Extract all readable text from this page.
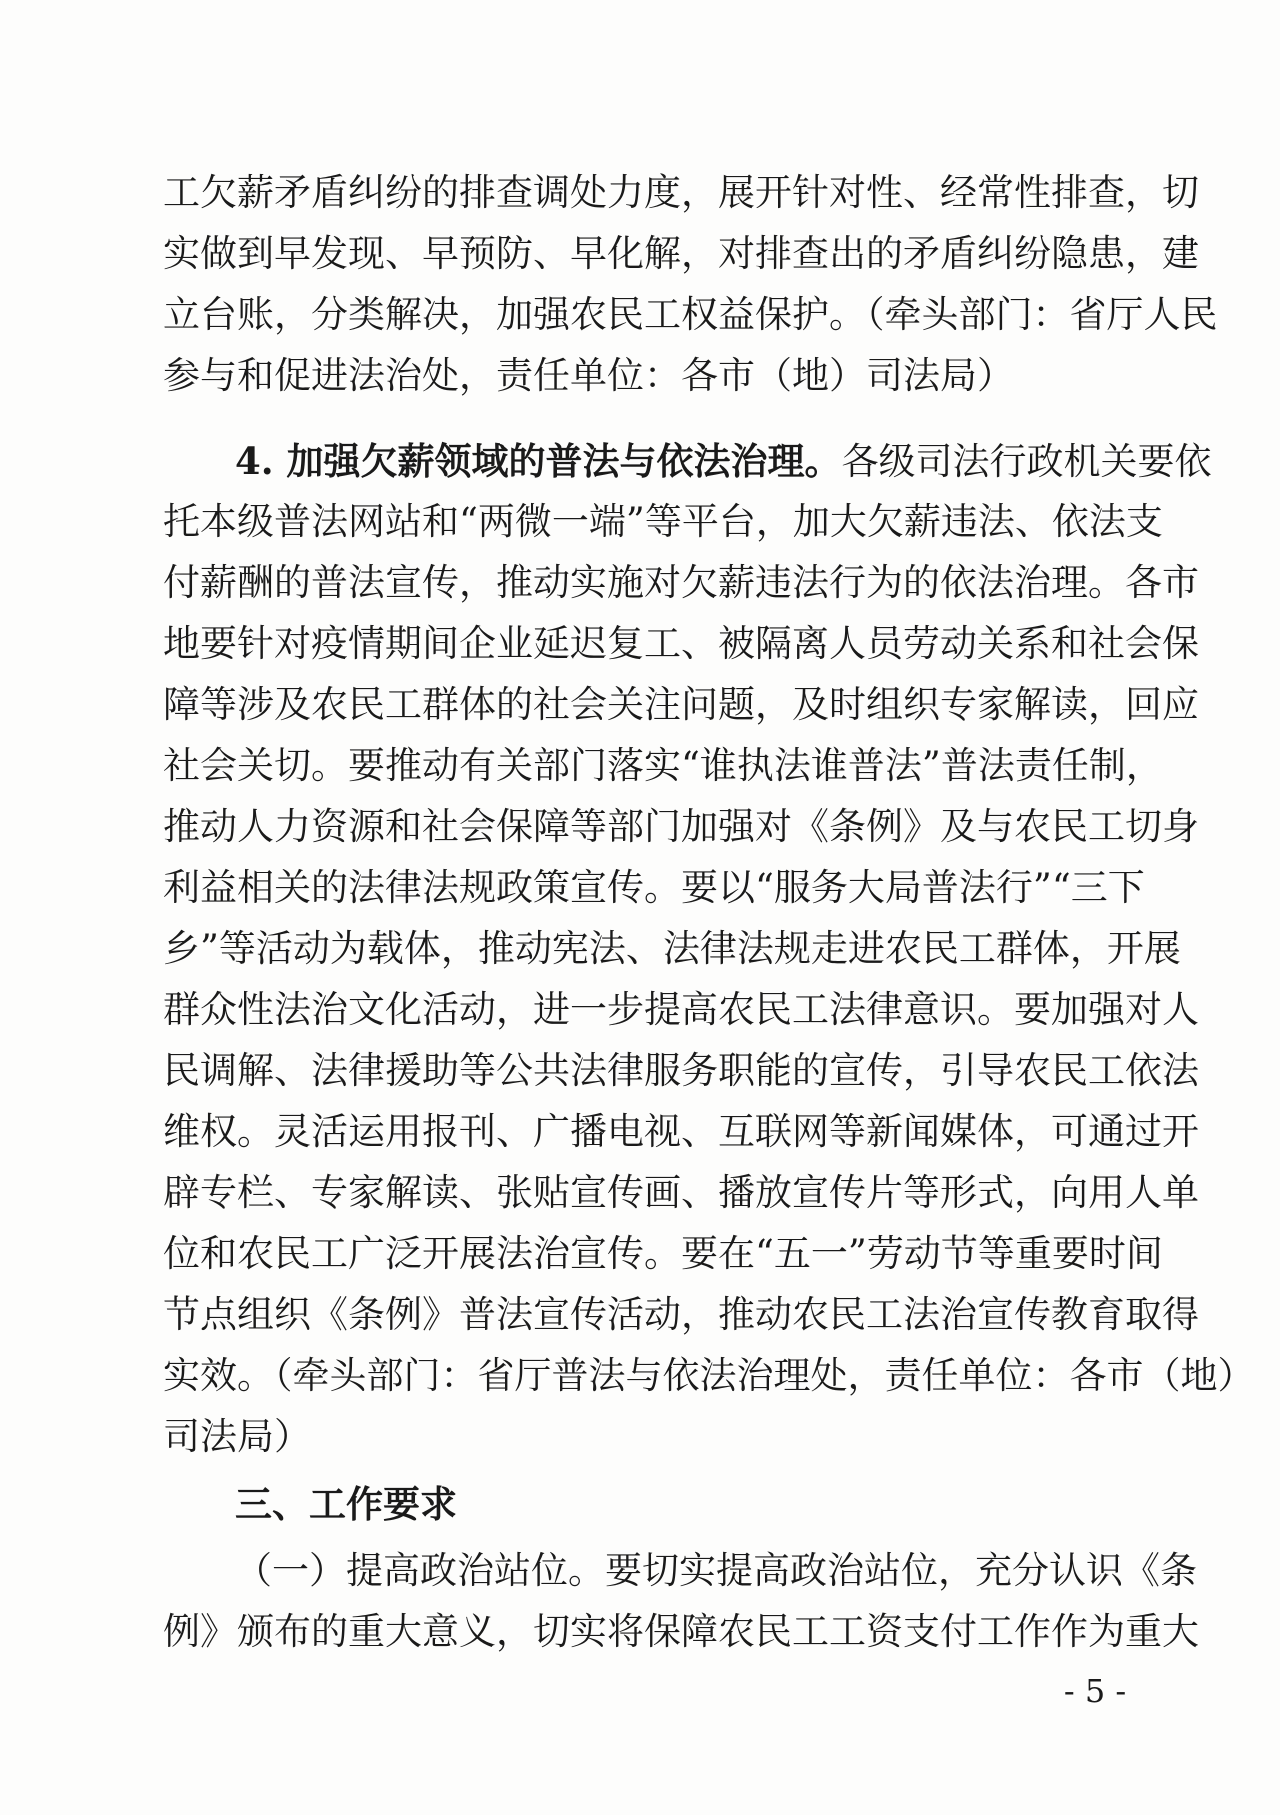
工欠薪矛盾纠纷的排查调处力度，展开针对性、经常性排查，切
实做到早发现、早预防、早化解，对排查出的矛盾纠纷隐患，建
立台账，分类解决，加强农民工权益保护。（牵头部门：省厅人民
参与和促进法治处，责任单位：各市（地）司法局）
4. 加强欠薪领域的普法与依法治理。各级司法行政机关要依
托本级普法网站和“两微一端”等平台，加大欠薪违法、依法支
付薪酬的普法宣传，推动实施对欠薪违法行为的依法治理。各市
地要针对疫情期间企业延迟复工、被隔离人员劳动关系和社会保
障等涉及农民工群体的社会关注问题，及时组织专家解读，回应
社会关切。要推动有关部门落实“谁执法谁普法”普法责任制，
推动人力资源和社会保障等部门加强对《条例》及与农民工切身
利益相关的法律法规政策宣传。要以“服务大局普法行”“三下
乡”等活动为载体，推动宪法、法律法规走进农民工群体，开展
群众性法治文化活动，进一步提高农民工法律意识。要加强对人
民调解、法律援助等公共法律服务职能的宣传，引导农民工依法
维权。灵活运用报刊、广播电视、互联网等新闻媒体，可通过开
辟专栏、专家解读、张贴宣传画、播放宣传片等形式，向用人单
位和农民工广泛开展法治宣传。要在“五一”劳动节等重要时间
节点组织《条例》普法宣传活动，推动农民工法治宣传教育取得
实效。（牵头部门：省厅普法与依法治理处，责任单位：各市（地）
司法局）
三、工作要求
（一）提高政治站位。要切实提高政治站位，充分认识《条
例》颁布的重大意义，切实将保障农民工工资支付工作作为重大
- 5 -
